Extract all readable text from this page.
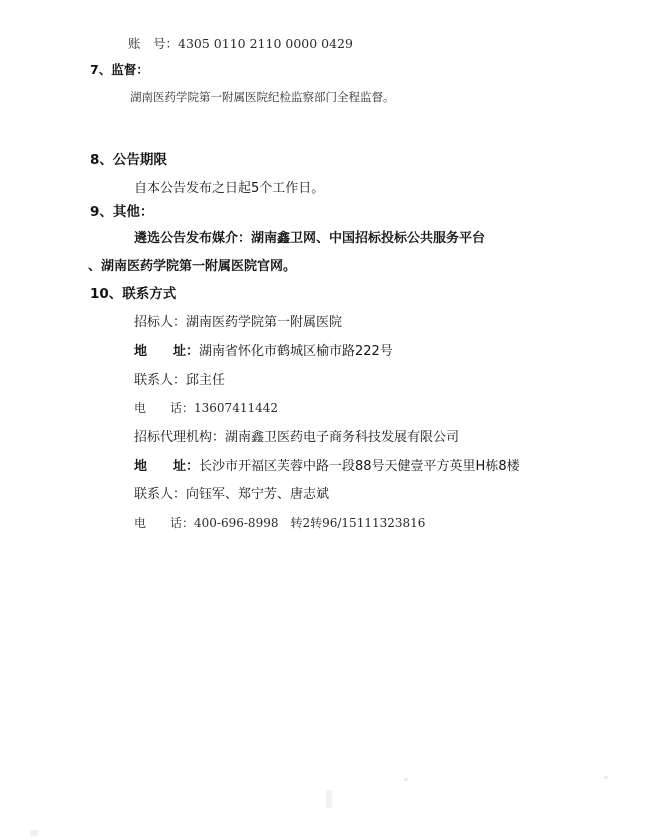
账　号：4305 0110 2110 0000 0429
7、监督：
湖南医药学院第一附属医院纪检监察部门全程监督。
8、公告期限
自本公告发布之日起5个工作日。
9、其他：
遴选公告发布媒介：湖南鑫卫网、中国招标投标公共服务平台
、湖南医药学院第一附属医院官网。
10、联系方式
招标人：湖南医药学院第一附属医院
地　　址：湖南省怀化市鹤城区榆市路222号
联系人：邱主任
电　　话：13607411442
招标代理机构：湖南鑫卫医药电子商务科技发展有限公司
地　　址：长沙市开福区芙蓉中路一段88号天健壹平方英里H栋8楼
联系人：向钰军、郑宁芳、唐志斌
电　　话：400-696-8998　转2转96/15111323816
